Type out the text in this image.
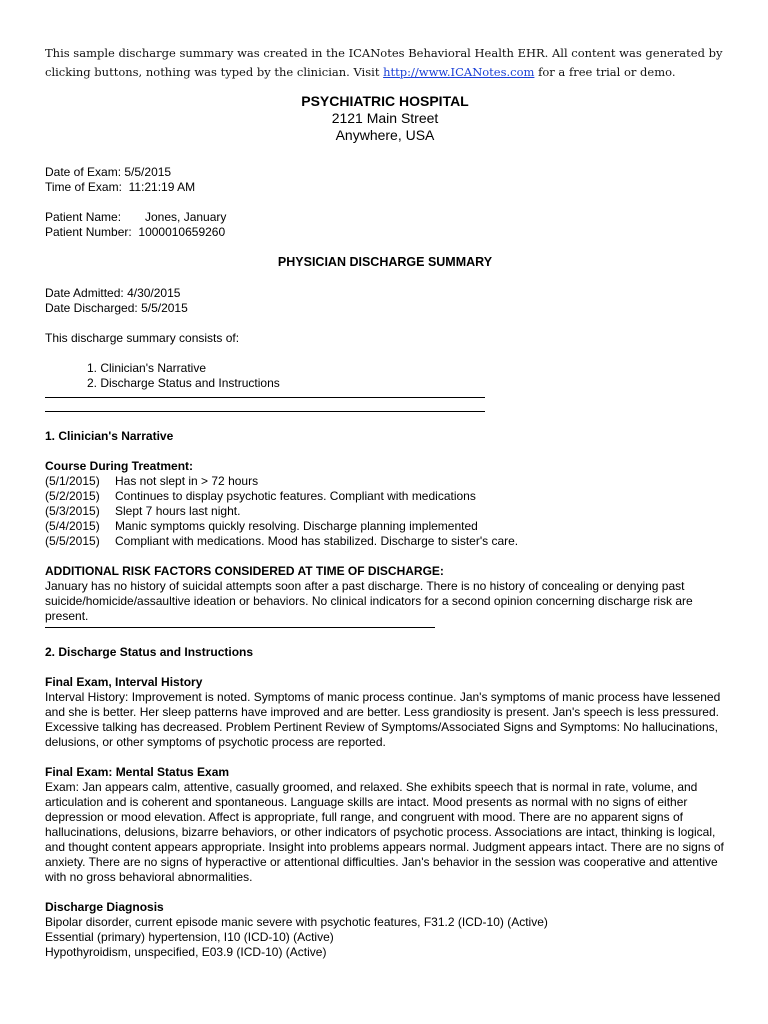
This sample discharge summary was created in the ICANotes Behavioral Health EHR. All content was generated by clicking buttons, nothing was typed by the clinician. Visit http://www.ICANotes.com for a free trial or demo.
PSYCHIATRIC HOSPITAL
2121 Main Street
Anywhere, USA
Date of Exam: 5/5/2015
Time of Exam: 11:21:19 AM
Patient Name:	Jones, January
Patient Number: 1000010659260
PHYSICIAN DISCHARGE SUMMARY
Date Admitted: 4/30/2015
Date Discharged: 5/5/2015
This discharge summary consists of:
1. Clinician's Narrative
2. Discharge Status and Instructions
1. Clinician's Narrative
Course During Treatment:
(5/1/2015)	Has not slept in > 72 hours
(5/2/2015)	Continues to display psychotic features. Compliant with medications
(5/3/2015)	Slept 7 hours last night.
(5/4/2015)	Manic symptoms quickly resolving. Discharge planning implemented
(5/5/2015)	Compliant with medications. Mood has stabilized. Discharge to sister's care.
ADDITIONAL RISK FACTORS CONSIDERED AT TIME OF DISCHARGE:
January has no history of suicidal attempts soon after a past discharge. There is no history of concealing or denying past suicide/homicide/assaultive ideation or behaviors. No clinical indicators for a second opinion concerning discharge risk are present.
2. Discharge Status and Instructions
Final Exam, Interval History
Interval History: Improvement is noted. Symptoms of manic process continue. Jan's symptoms of manic process have lessened and she is better. Her sleep patterns have improved and are better. Less grandiosity is present. Jan's speech is less pressured. Excessive talking has decreased. Problem Pertinent Review of Symptoms/Associated Signs and Symptoms: No hallucinations, delusions, or other symptoms of psychotic process are reported.
Final Exam: Mental Status Exam
Exam: Jan appears calm, attentive, casually groomed, and relaxed. She exhibits speech that is normal in rate, volume, and articulation and is coherent and spontaneous. Language skills are intact. Mood presents as normal with no signs of either depression or mood elevation. Affect is appropriate, full range, and congruent with mood. There are no apparent signs of hallucinations, delusions, bizarre behaviors, or other indicators of psychotic process. Associations are intact, thinking is logical, and thought content appears appropriate. Insight into problems appears normal. Judgment appears intact. There are no signs of anxiety. There are no signs of hyperactive or attentional difficulties. Jan's behavior in the session was cooperative and attentive with no gross behavioral abnormalities.
Discharge Diagnosis
Bipolar disorder, current episode manic severe with psychotic features, F31.2 (ICD-10) (Active)
Essential (primary) hypertension, I10 (ICD-10) (Active)
Hypothyroidism, unspecified, E03.9 (ICD-10) (Active)
